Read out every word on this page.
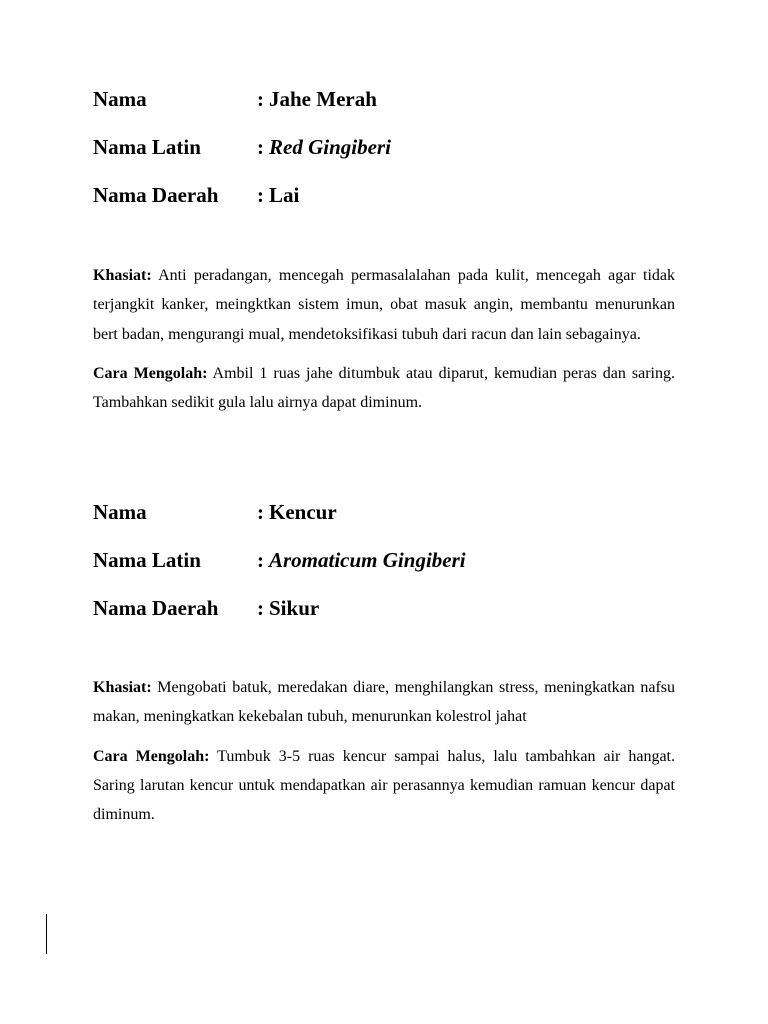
Nama	: Jahe Merah
Nama Latin	: Red Gingiberi
Nama Daerah	: Lai

Khasiat: Anti peradangan, mencegah permasalalahan pada kulit, mencegah agar tidak terjangkit kanker, meingktkan sistem imun, obat masuk angin, membantu menurunkan bert badan, mengurangi mual, mendetoksifikasi tubuh dari racun dan lain sebagainya.

Cara Mengolah: Ambil 1 ruas jahe ditumbuk atau diparut, kemudian peras dan saring. Tambahkan sedikit gula lalu airnya dapat diminum.

Nama	: Kencur
Nama Latin	: Aromaticum Gingiberi
Nama Daerah	: Sikur

Khasiat: Mengobati batuk, meredakan diare, menghilangkan stress, meningkatkan nafsu makan, meningkatkan kekebalan tubuh, menurunkan kolestrol jahat

Cara Mengolah: Tumbuk 3-5 ruas kencur sampai halus, lalu tambahkan air hangat. Saring larutan kencur untuk mendapatkan air perasannya kemudian ramuan kencur dapat diminum.
